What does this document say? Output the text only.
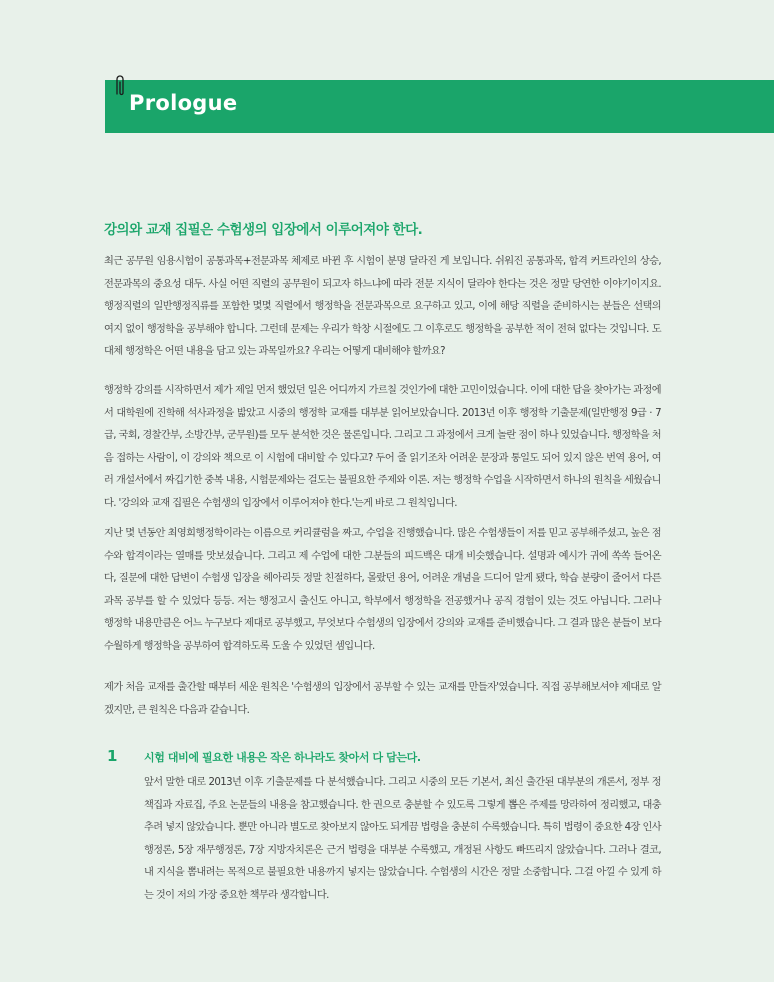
Prologue
강의와 교재 집필은 수험생의 입장에서 이루어져야 한다.
최근 공무원 임용시험이 공통과목+전문과목 체제로 바뀐 후 시험이 분명 달라진 게 보입니다. 쉬워진 공통과목, 합격 커트라인의 상승, 전문과목의 중요성 대두. 사실 어떤 직렬의 공무원이 되고자 하느냐에 따라 전문 지식이 달라야 한다는 것은 정말 당연한 이야기이지요. 행정직렬의 일반행정직류를 포함한 몇몇 직렬에서 행정학을 전문과목으로 요구하고 있고, 이에 해당 직렬을 준비하시는 분들은 선택의 여지 없이 행정학을 공부해야 합니다. 그런데 문제는 우리가 학창 시절에도 그 이후로도 행정학을 공부한 적이 전혀 없다는 것입니다. 도대체 행정학은 어떤 내용을 담고 있는 과목일까요? 우리는 어떻게 대비해야 할까요?
행정학 강의를 시작하면서 제가 제일 먼저 했었던 일은 어디까지 가르칠 것인가에 대한 고민이었습니다. 이에 대한 답을 찾아가는 과정에서 대학원에 진학해 석사과정을 밟았고 시중의 행정학 교재를 대부분 읽어보았습니다. 2013년 이후 행정학 기출문제(일반행정 9급 · 7급, 국회, 경찰간부, 소방간부, 군무원)를 모두 분석한 것은 물론입니다. 그리고 그 과정에서 크게 놀란 점이 하나 있었습니다. 행정학을 처음 접하는 사람이, 이 강의와 책으로 이 시험에 대비할 수 있다고? 두어 줄 읽기조차 어려운 문장과 통일도 되어 있지 않은 번역 용어, 여러 개설서에서 짜깁기한 중복 내용, 시험문제와는 걸도는 불필요한 주제와 이론. 저는 행정학 수업을 시작하면서 하나의 원칙을 세웠습니다. '강의와 교재 집필은 수험생의 입장에서 이루어져야 한다.'는게 바로 그 원칙입니다.
지난 몇 년동안 최영희행정학이라는 이름으로 커리큘럼을 짜고, 수업을 진행했습니다. 많은 수험생들이 저를 믿고 공부해주셨고, 높은 점수와 합격이라는 열매를 맛보셨습니다. 그리고 제 수업에 대한 그분들의 피드백은 대개 비슷했습니다. 설명과 예시가 귀에 쏙쏙 들어온다, 질문에 대한 답변이 수험생 입장을 헤아리듯 정말 친절하다, 몰랐던 용어, 어려운 개념을 드디어 알게 됐다, 학습 분량이 줄어서 다른 과목 공부를 할 수 있었다 등등. 저는 행정고시 출신도 아니고, 학부에서 행정학을 전공했거나 공직 경험이 있는 것도 아닙니다. 그러나 행정학 내용만큼은 어느 누구보다 제대로 공부했고, 무엇보다 수험생의 입장에서 강의와 교재를 준비했습니다. 그 결과 많은 분들이 보다 수월하게 행정학을 공부하여 합격하도록 도울 수 있었던 셈입니다.
제가 처음 교재를 출간할 때부터 세운 원칙은 '수험생의 입장에서 공부할 수 있는 교재를 만들자'였습니다. 직접 공부해보셔야 제대로 알겠지만, 큰 원칙은 다음과 같습니다.
1 시험 대비에 필요한 내용은 작은 하나라도 찾아서 다 담는다.
앞서 말한 대로 2013년 이후 기출문제를 다 분석했습니다. 그리고 시중의 모든 기본서, 최신 출간된 대부분의 개론서, 정부 정책집과 자료집, 주요 논문들의 내용을 참고했습니다. 한 권으로 충분할 수 있도록 그렇게 뽑은 주제를 망라하여 정리했고, 대충 추려 넣지 않았습니다. 뿐만 아니라 별도로 찾아보지 않아도 되게끔 법령을 충분히 수록했습니다. 특히 법령이 중요한 4장 인사행정론, 5장 재무행정론, 7장 지방자치론은 근거 법령을 대부분 수록했고, 개정된 사항도 빠뜨리지 않았습니다. 그러나 결코, 내 지식을 뽐내려는 목적으로 불필요한 내용까지 넣지는 않았습니다. 수험생의 시간은 정말 소중합니다. 그걸 아낄 수 있게 하는 것이 저의 가장 중요한 책무라 생각합니다.
